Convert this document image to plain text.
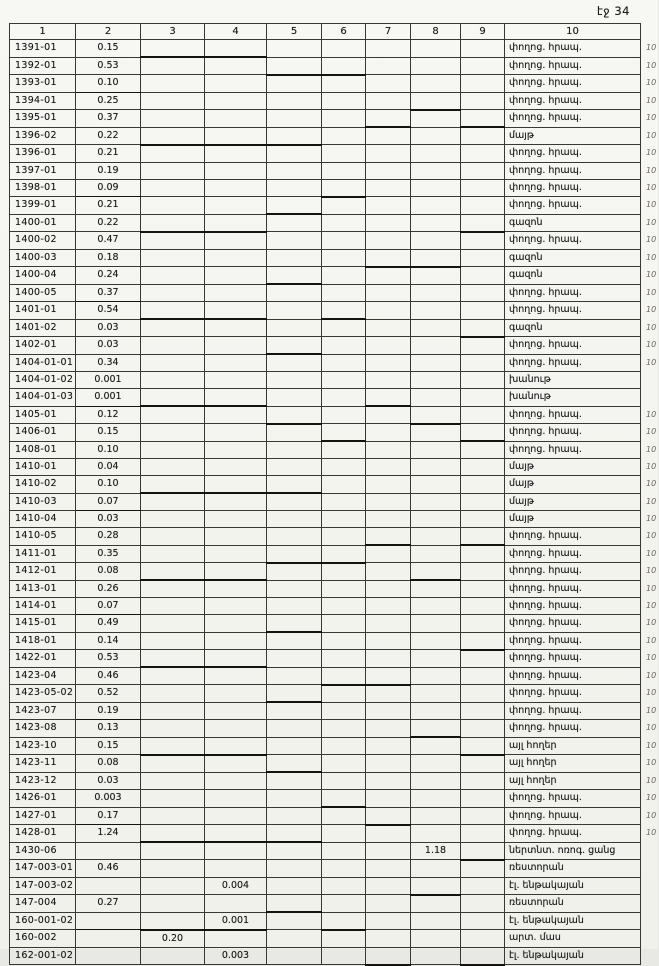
էջ 34
1	2	3	4	5	6	7	8	9	10	
1391-01	0.15								փողոց. հրապ.	10
1392-01	0.53								փողոց. հրապ.	10
1393-01	0.10								փողոց. հրապ.	10
1394-01	0.25								փողոց. հրապ.	10
1395-01	0.37								փողոց. հրապ.	10
1396-02	0.22								մայթ	10
1396-01	0.21								փողոց. հրապ.	10
1397-01	0.19								փողոց. հրապ.	10
1398-01	0.09								փողոց. հրապ.	10
1399-01	0.21								փողոց. հրապ.	10
1400-01	0.22								գազոն	10
1400-02	0.47								փողոց. հրապ.	10
1400-03	0.18								գազոն	10
1400-04	0.24								գազոն	10
1400-05	0.37								փողոց. հրապ.	10
1401-01	0.54								փողոց. հրապ.	10
1401-02	0.03								գազոն	10
1402-01	0.03								փողոց. հրապ.	10
1404-01-01	0.34								փողոց. հրապ.	10
1404-01-02	0.001								խանութ	
1404-01-03	0.001								խանութ	
1405-01	0.12								փողոց. հրապ.	10
1406-01	0.15								փողոց. հրապ.	10
1408-01	0.10								փողոց. հրապ.	10
1410-01	0.04								մայթ	10
1410-02	0.10								մայթ	10
1410-03	0.07								մայթ	10
1410-04	0.03								մայթ	10
1410-05	0.28								փողոց. հրապ.	10
1411-01	0.35								փողոց. հրապ.	10
1412-01	0.08								փողոց. հրապ.	10
1413-01	0.26								փողոց. հրապ.	10
1414-01	0.07								փողոց. հրապ.	10
1415-01	0.49								փողոց. հրապ.	10
1418-01	0.14								փողոց. հրապ.	10
1422-01	0.53								փողոց. հրապ.	10
1423-04	0.46								փողոց. հրապ.	10
1423-05-02	0.52								փողոց. հրապ.	10
1423-07	0.19								փողոց. հրապ.	10
1423-08	0.13								փողոց. հրապ.	10
1423-10	0.15								այլ հողեր	10
1423-11	0.08								այլ հողեր	10
1423-12	0.03								այլ հողեր	10
1426-01	0.003								փողոց. հրապ.	10
1427-01	0.17								փողոց. հրապ.	10
1428-01	1.24								փողոց. հրապ.	10
1430-06							1.18		ներտնտ. ոռոգ. ցանց	
147-003-01	0.46								ռեստորան	
147-003-02			0.004						էլ. ենթակայան	
147-004	0.27								ռեստորան	
160-001-02			0.001						էլ. ենթակայան	
160-002		0.20							արտ. մաս	
162-001-02			0.003						էլ. ենթակայան	
